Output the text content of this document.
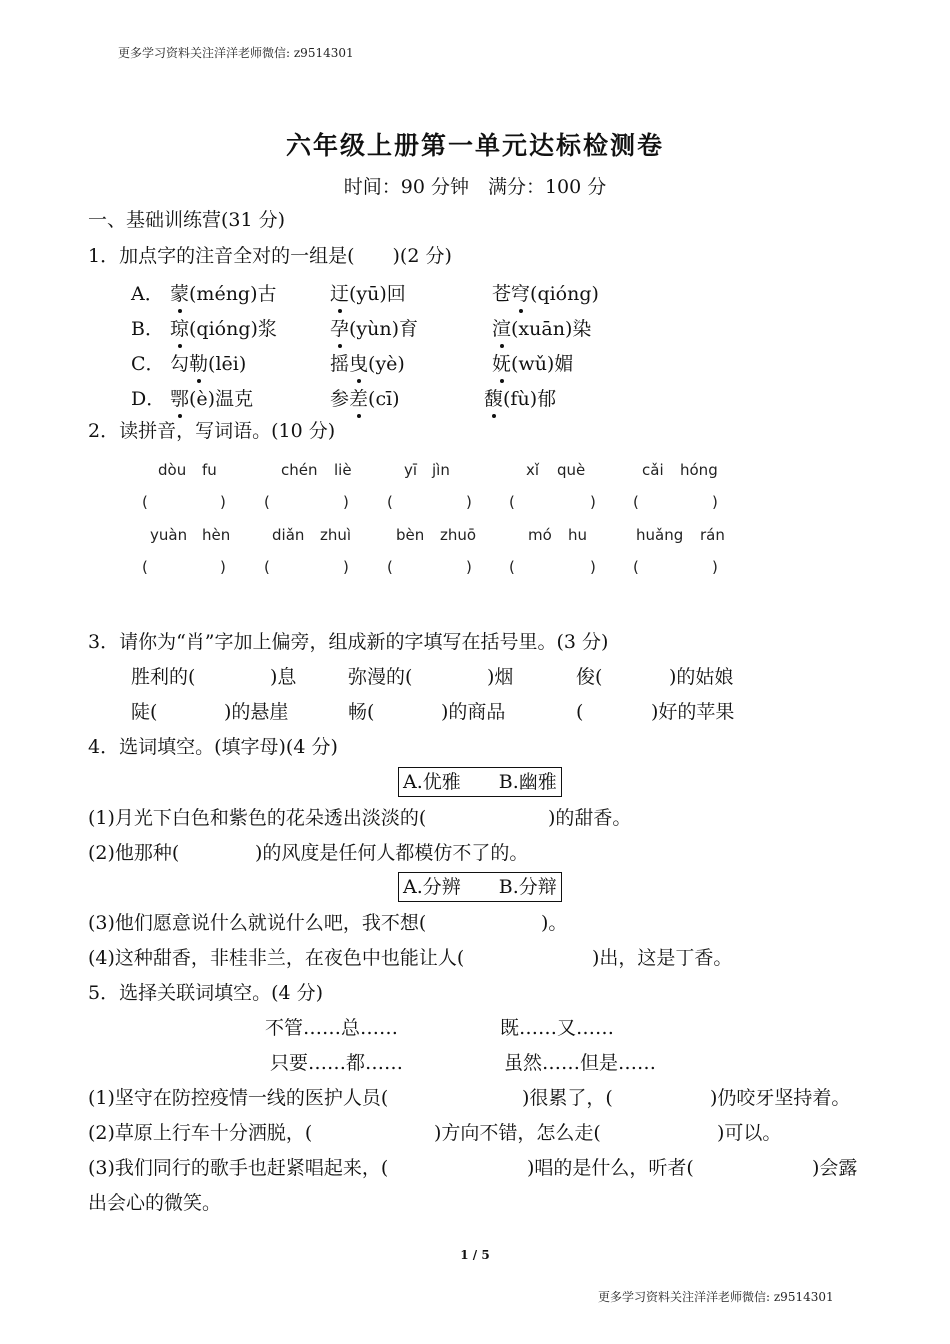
更多学习资料关注洋洋老师微信: z9514301
六年级上册第一单元达标检测卷
时间：90 分钟　满分：100 分
一、基础训练营(31 分)
1．加点字的注音全对的一组是(　　)(2 分)
A． 蒙(méng)古	迂(yū)回	苍穹(qióng)
B． 琼(qióng)浆	孕(yùn)育	渲(xuān)染
C． 勾勒(lēi)	摇曳(yè)	妩(wǔ)媚
D． 鄂(è)温克	参差(cī)	馥(fù)郁
2．读拼音，写词语。(10 分)
dòu fu	chén liè	yī jìn	xǐ què	cǎi hóng
(	)	(	)	(	) (	) (	)
yuàn hèn	diǎn zhuì	bèn zhuō	mó hu	huǎng rán
(	)	(	)	(	) (	) (	)
3．请你为“肖”字加上偏旁，组成新的字填写在括号里。(3 分)
胜利的(	)息	弥漫的(	)烟	俊(	)的姑娘
陡(	)的悬崖	畅(	)的商品	(	)好的苹果
4．选词填空。(填字母)(4 分)
A.优雅　　B.幽雅
(1)月光下白色和紫色的花朵透出淡淡的(	)的甜香。
(2)他那种(	)的风度是任何人都模仿不了的。
A.分辨　　B.分辩
(3)他们愿意说什么就说什么吧，我不想(	)。
(4)这种甜香，非桂非兰，在夜色中也能让人(	)出，这是丁香。
5．选择关联词填空。(4 分)
不管……总……	既……又……
只要……都……	虽然……但是……
(1)坚守在防控疫情一线的医护人员(	)很累了，(	)仍咬牙坚持着。
(2)草原上行车十分洒脱，(	)方向不错，怎么走(	)可以。
(3)我们同行的歌手也赶紧唱起来，(	)唱的是什么，听者(	)会露
出会心的微笑。
1 / 5
更多学习资料关注洋洋老师微信: z9514301
